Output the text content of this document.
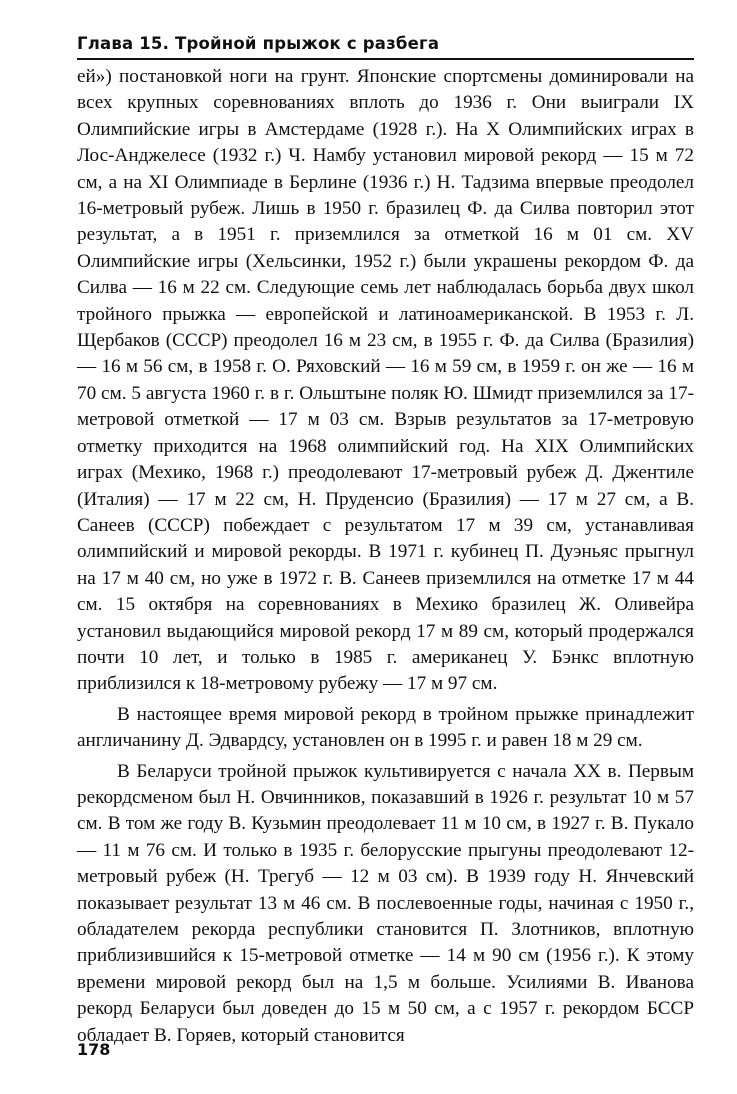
Глава 15. Тройной прыжок с разбега

ей») постановкой ноги на грунт. Японские спортсмены доминировали на всех крупных соревнованиях вплоть до 1936 г. Они выиграли IX Олимпийские игры в Амстердаме (1928 г.). На X Олимпийских играх в Лос-Анджелесе (1932 г.) Ч. Намбу установил мировой рекорд — 15 м 72 см, а на XI Олимпиаде в Берлине (1936 г.) Н. Тадзима впервые преодолел 16-метровый рубеж. Лишь в 1950 г. бразилец Ф. да Силва повторил этот результат, а в 1951 г. приземлился за отметкой 16 м 01 см. XV Олимпийские игры (Хельсинки, 1952 г.) были украшены рекордом Ф. да Силва — 16 м 22 см. Следующие семь лет наблюдалась борьба двух школ тройного прыжка — европейской и латиноамериканской. В 1953 г. Л. Щербаков (СССР) преодолел 16 м 23 см, в 1955 г. Ф. да Силва (Бразилия) — 16 м 56 см, в 1958 г. О. Ряховский — 16 м 59 см, в 1959 г. он же — 16 м 70 см. 5 августа 1960 г. в г. Ольштыне поляк Ю. Шмидт приземлился за 17-метровой отметкой — 17 м 03 см. Взрыв результатов за 17-метровую отметку приходится на 1968 олимпийский год. На XIX Олимпийских играх (Мехико, 1968 г.) преодолевают 17-метровый рубеж Д. Джентиле (Италия) — 17 м 22 см, Н. Пруденсио (Бразилия) — 17 м 27 см, а В. Санеев (СССР) побеждает с результатом 17 м 39 см, устанавливая олимпийский и мировой рекорды. В 1971 г. кубинец П. Дуэньяс прыгнул на 17 м 40 см, но уже в 1972 г. В. Санеев приземлился на отметке 17 м 44 см. 15 октября на соревнованиях в Мехико бразилец Ж. Оливейра установил выдающийся мировой рекорд 17 м 89 см, который продержался почти 10 лет, и только в 1985 г. американец У. Бэнкс вплотную приблизился к 18-метровому рубежу — 17 м 97 см.

В настоящее время мировой рекорд в тройном прыжке принадлежит англичанину Д. Эдвардсу, установлен он в 1995 г. и равен 18 м 29 см.

В Беларуси тройной прыжок культивируется с начала XX в. Первым рекордсменом был Н. Овчинников, показавший в 1926 г. результат 10 м 57 см. В том же году В. Кузьмин преодолевает 11 м 10 см, в 1927 г. В. Пукало — 11 м 76 см. И только в 1935 г. белорусские прыгуны преодолевают 12-метровый рубеж (Н. Трегуб — 12 м 03 см). В 1939 году Н. Янчевский показывает результат 13 м 46 см. В послевоенные годы, начиная с 1950 г., обладателем рекорда республики становится П. Злотников, вплотную приблизившийся к 15-метровой отметке — 14 м 90 см (1956 г.). К этому времени мировой рекорд был на 1,5 м больше. Усилиями В. Иванова рекорд Беларуси был доведен до 15 м 50 см, а с 1957 г. рекордом БССР обладает В. Горяев, который становится

178
